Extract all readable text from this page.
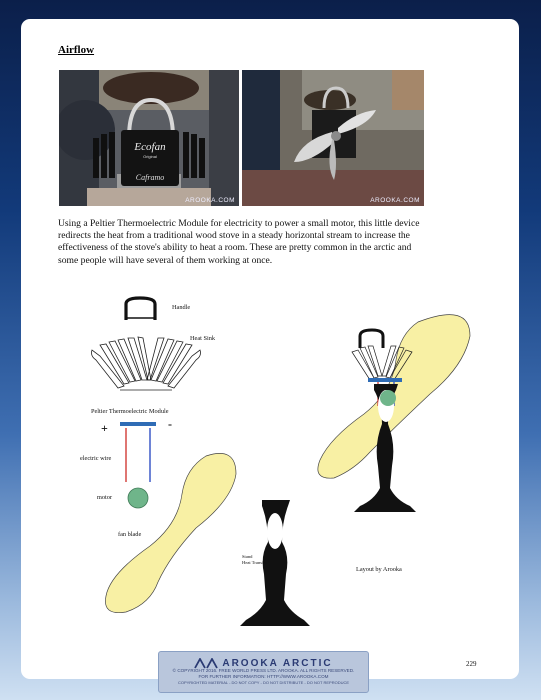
Airflow
Ecofan
Original
Caframo
AROOKA.COM	AROOKA.COM
Using a Peltier Thermoelectric Module for electricity to power a small motor, this little device redirects the heat from a traditional wood stove in a steady horizontal stream to increase the effectiveness of the stove's ability to heat a room. These are pretty common in the arctic and some people will have several of them working at once.
Handle
Heat Sink
Peltier Thermoelectric Module
+	-
electric wire
motor
fan blade
Stand
Heat Transfer
Layout by Arooka
AROOKA ARCTIC
© COPYRIGHT 2016. FREE WORLD PRESS LTD. AROOKA. ALL RIGHTS RESERVED.
FOR FURTHER INFORMATION: HTTP://WWW.AROOKA.COM
COPYRIGHTED MATERIAL - DO NOT COPY - DO NOT DISTRIBUTE - DO NOT REPRODUCE
229
